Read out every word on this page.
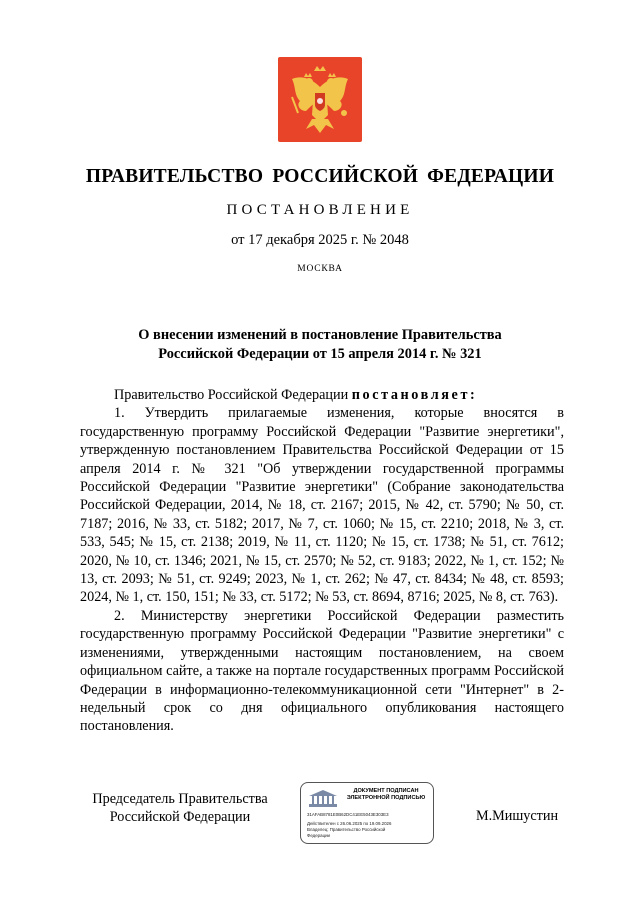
ПРАВИТЕЛЬСТВО РОССИЙСКОЙ ФЕДЕРАЦИИ
ПОСТАНОВЛЕНИЕ
от 17 декабря 2025 г. № 2048
МОСКВА
О внесении изменений в постановление Правительства
Российской Федерации от 15 апреля 2014 г. № 321

Правительство Российской Федерации постановляет:

1. Утвердить прилагаемые изменения, которые вносятся в государственную программу Российской Федерации "Развитие энергетики", утвержденную постановлением Правительства Российской Федерации от 15 апреля 2014 г. № 321 "Об утверждении государственной программы Российской Федерации "Развитие энергетики" (Собрание законодательства Российской Федерации, 2014, № 18, ст. 2167; 2015, № 42, ст. 5790; № 50, ст. 7187; 2016, № 33, ст. 5182; 2017, № 7, ст. 1060; № 15, ст. 2210; 2018, № 3, ст. 533, 545; № 15, ст. 2138; 2019, № 11, ст. 1120; № 15, ст. 1738; № 51, ст. 7612; 2020, № 10, ст. 1346; 2021, № 15, ст. 2570; № 52, ст. 9183; 2022, № 1, ст. 152; № 13, ст. 2093; № 51, ст. 9249; 2023, № 1, ст. 262; № 47, ст. 8434; № 48, ст. 8593; 2024, № 1, ст. 150, 151; № 33, ст. 5172; № 53, ст. 8694, 8716; 2025, № 8, ст. 763).

2. Министерству энергетики Российской Федерации разместить государственную программу Российской Федерации "Развитие энергетики" с изменениями, утвержденными настоящим постановлением, на своем официальном сайте, а также на портале государственных программ Российской Федерации в информационно-телекоммуникационной сети "Интернет" в 2-недельный срок со дня официального опубликования настоящего постановления.

Председатель Правительства
Российской Федерации
ДОКУМЕНТ ПОДПИСАН
ЭЛЕКТРОННОЙ ПОДПИСЬЮ
31AFAB8781E0B62DC41EE5043E303E3
Действителен с 26.06.2025 по 19.09.2026
Владелец: Правительство Российской
Федерации
М.Мишустин
